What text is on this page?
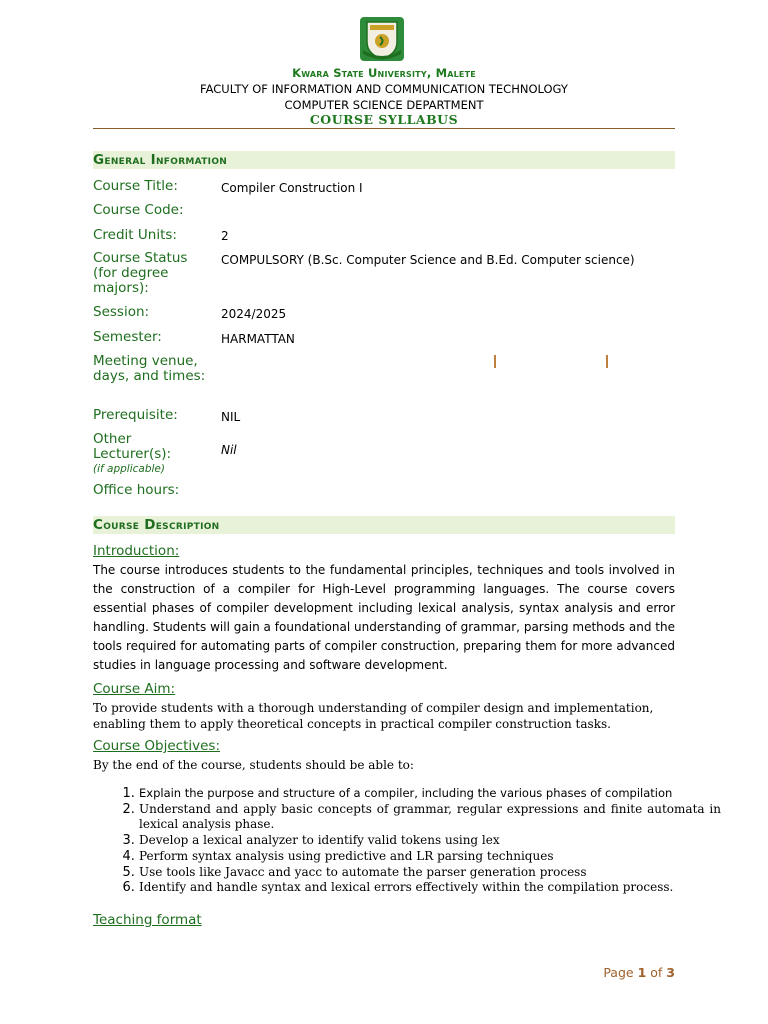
Kwara State University, Malete
FACULTY OF INFORMATION AND COMMUNICATION TECHNOLOGY
COMPUTER SCIENCE DEPARTMENT
COURSE SYLLABUS
General Information
Course Title:	Compiler Construction I
Course Code:
Credit Units:	2
Course Status (for degree majors):
COMPULSORY (B.Sc. Computer Science and B.Ed. Computer science)
Session:	2024/2025
Semester:	HARMATTAN
Meeting venue, days, and times:
Prerequisite:	NIL
Other Lecturer(s):
(if applicable)
Nil
Office hours:
Course Description
Introduction:
The course introduces students to the fundamental principles, techniques and tools involved in the construction of a compiler for High-Level programming languages. The course covers essential phases of compiler development including lexical analysis, syntax analysis and error handling. Students will gain a foundational understanding of grammar, parsing methods and the tools required for automating parts of compiler construction, preparing them for more advanced studies in language processing and software development.
Course Aim:
To provide students with a thorough understanding of compiler design and implementation, enabling them to apply theoretical concepts in practical compiler construction tasks.
Course Objectives:
By the end of the course, students should be able to:
1. Explain the purpose and structure of a compiler, including the various phases of compilation
2. Understand and apply basic concepts of grammar, regular expressions and finite automata in lexical analysis phase.
3. Develop a lexical analyzer to identify valid tokens using lex
4. Perform syntax analysis using predictive and LR parsing techniques
5. Use tools like Javacc and yacc to automate the parser generation process
6. Identify and handle syntax and lexical errors effectively within the compilation process.
Teaching format
Page 1 of 3
